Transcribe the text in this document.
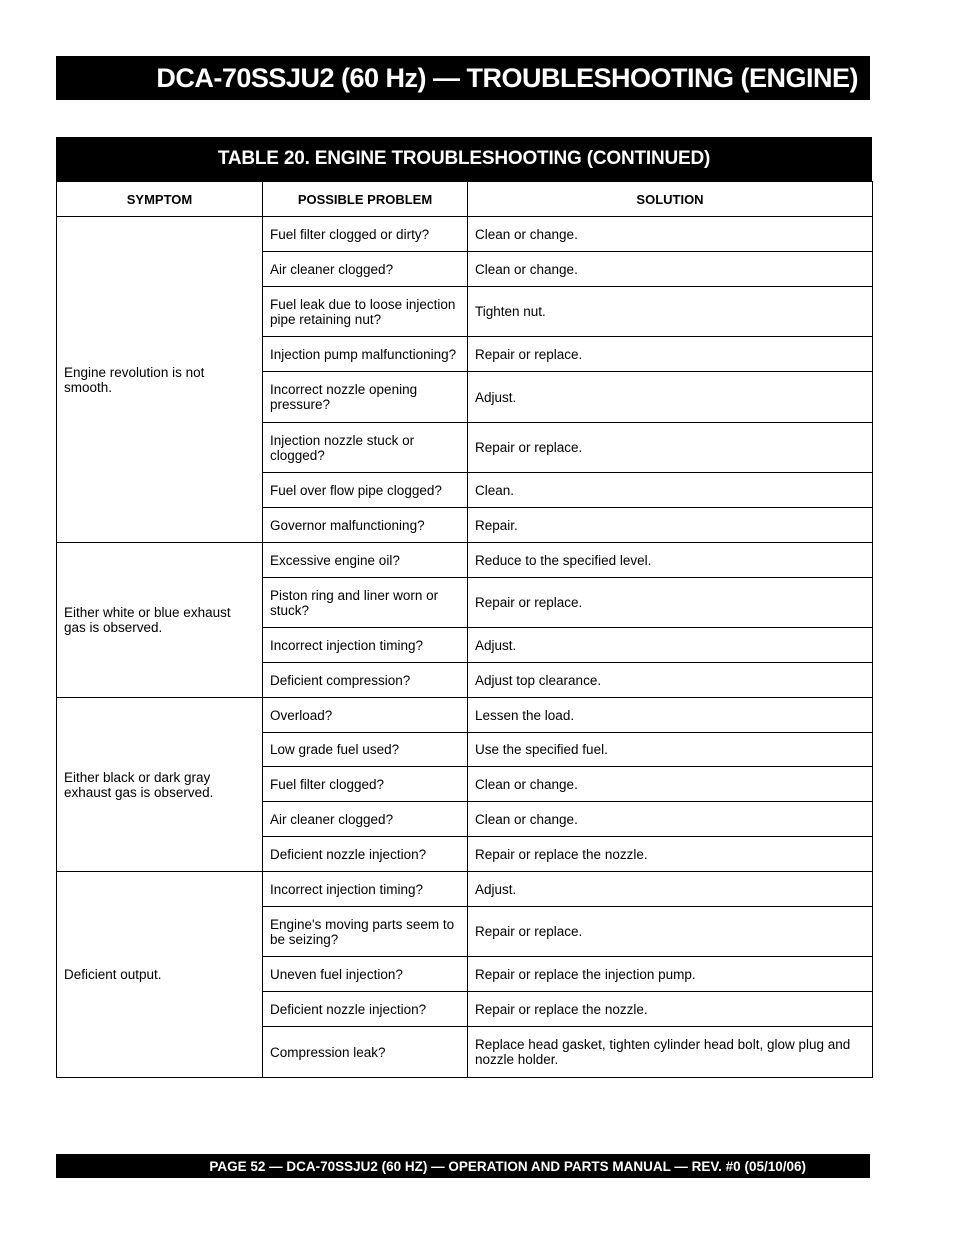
DCA-70SSJU2 (60 Hz) — TROUBLESHOOTING (ENGINE)
TABLE 20. ENGINE TROUBLESHOOTING (CONTINUED)
SYMPTOM	POSSIBLE PROBLEM	SOLUTION
Engine revolution is not smooth.	Fuel filter clogged or dirty?	Clean or change.
	Air cleaner clogged?	Clean or change.
	Fuel leak due to loose injection pipe retaining nut?	Tighten nut.
	Injection pump malfunctioning?	Repair or replace.
	Incorrect nozzle opening pressure?	Adjust.
	Injection nozzle stuck or clogged?	Repair or replace.
	Fuel over flow pipe clogged?	Clean.
	Governor malfunctioning?	Repair.
Either white or blue exhaust gas is observed.	Excessive engine oil?	Reduce to the specified level.
	Piston ring and liner worn or stuck?	Repair or replace.
	Incorrect injection timing?	Adjust.
	Deficient compression?	Adjust top clearance.
Either black or dark gray exhaust gas is observed.	Overload?	Lessen the load.
	Low grade fuel used?	Use the specified fuel.
	Fuel filter clogged?	Clean or change.
	Air cleaner clogged?	Clean or change.
	Deficient nozzle injection?	Repair or replace the nozzle.
Deficient output.	Incorrect injection timing?	Adjust.
	Engine's moving parts seem to be seizing?	Repair or replace.
	Uneven fuel injection?	Repair or replace the injection pump.
	Deficient nozzle injection?	Repair or replace the nozzle.
	Compression leak?	Replace head gasket, tighten cylinder head bolt, glow plug and nozzle holder.
PAGE 52 — DCA-70SSJU2 (60 HZ) — OPERATION AND PARTS MANUAL — REV. #0 (05/10/06)
